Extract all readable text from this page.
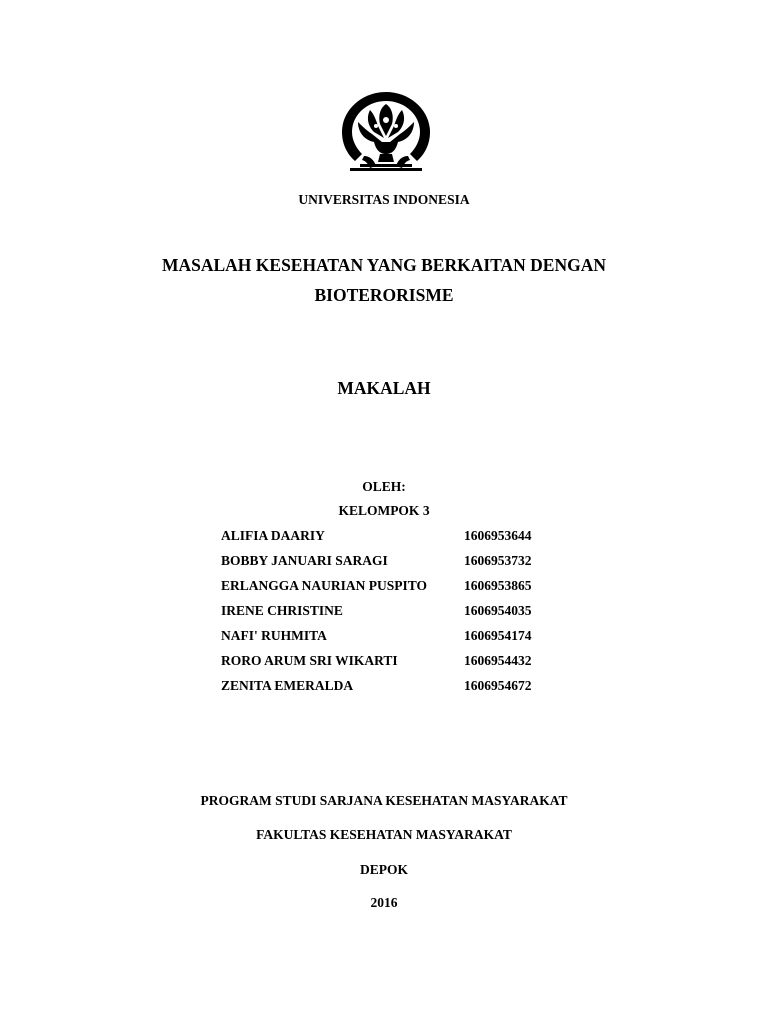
UNIVERSITAS INDONESIA
MASALAH KESEHATAN YANG BERKAITAN DENGAN
BIOTERORISME
MAKALAH
OLEH:
KELOMPOK 3
ALIFIA DAARIY	1606953644
BOBBY JANUARI SARAGI	1606953732
ERLANGGA NAURIAN PUSPITO	1606953865
IRENE CHRISTINE	1606954035
NAFI' RUHMITA	1606954174
RORO ARUM SRI WIKARTI	1606954432
ZENITA EMERALDA	1606954672
PROGRAM STUDI SARJANA KESEHATAN MASYARAKAT
FAKULTAS KESEHATAN MASYARAKAT
DEPOK
2016
